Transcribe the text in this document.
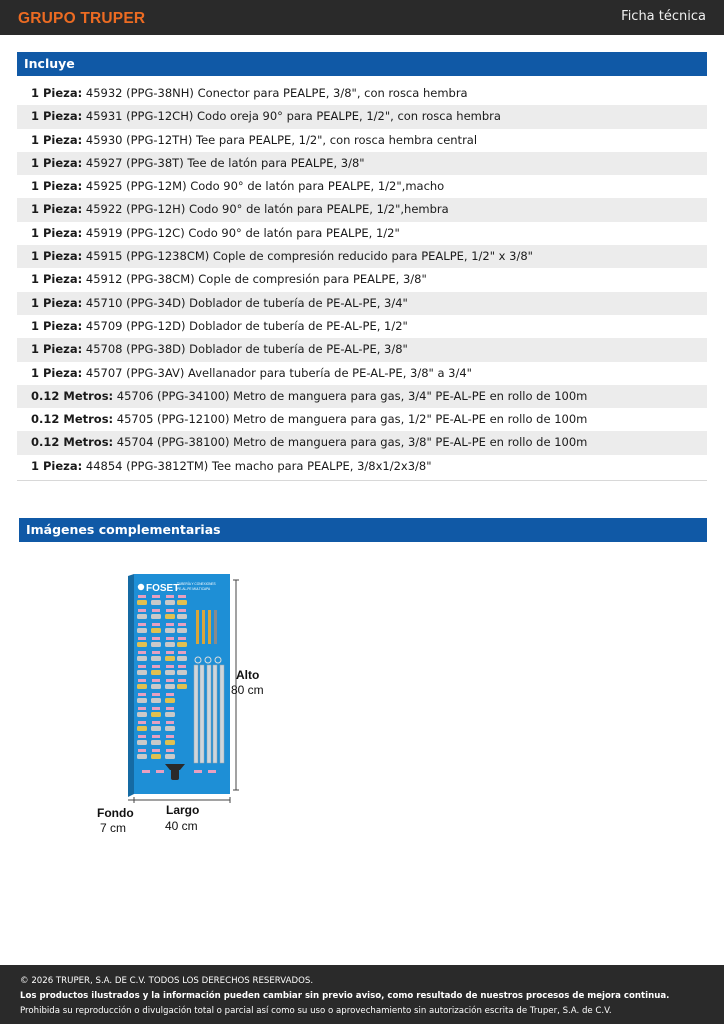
GRUPO TRUPER	Ficha técnica
Incluye
1 Pieza: 45932 (PPG-38NH) Conector para PEALPE, 3/8", con rosca hembra
1 Pieza: 45931 (PPG-12CH) Codo oreja 90° para PEALPE, 1/2", con rosca hembra
1 Pieza: 45930 (PPG-12TH) Tee para PEALPE, 1/2", con rosca hembra central
1 Pieza: 45927 (PPG-38T) Tee de latón para PEALPE, 3/8"
1 Pieza: 45925 (PPG-12M) Codo 90° de latón para PEALPE, 1/2",macho
1 Pieza: 45922 (PPG-12H) Codo 90° de latón para PEALPE, 1/2",hembra
1 Pieza: 45919 (PPG-12C) Codo 90° de latón para PEALPE, 1/2"
1 Pieza: 45915 (PPG-1238CM) Cople de compresión reducido para PEALPE, 1/2" x 3/8"
1 Pieza: 45912 (PPG-38CM) Cople de compresión para PEALPE, 3/8"
1 Pieza: 45710 (PPG-34D) Doblador de tubería de PE-AL-PE, 3/4"
1 Pieza: 45709 (PPG-12D) Doblador de tubería de PE-AL-PE, 1/2"
1 Pieza: 45708 (PPG-38D) Doblador de tubería de PE-AL-PE, 3/8"
1 Pieza: 45707 (PPG-3AV) Avellanador para tubería de PE-AL-PE, 3/8" a 3/4"
0.12 Metros: 45706 (PPG-34100) Metro de manguera para gas, 3/4" PE-AL-PE en rollo de 100m
0.12 Metros: 45705 (PPG-12100) Metro de manguera para gas, 1/2" PE-AL-PE en rollo de 100m
0.12 Metros: 45704 (PPG-38100) Metro de manguera para gas, 3/8" PE-AL-PE en rollo de 100m
1 Pieza: 44854 (PPG-3812TM) Tee macho para PEALPE, 3/8x1/2x3/8"
Imágenes complementarias
FOSET
TUBERÍA Y CONEXIONES
PE-AL-PE MULTICAPA
Alto
80 cm
Largo
40 cm
Fondo
7 cm
© 2026 TRUPER, S.A. DE C.V. TODOS LOS DERECHOS RESERVADOS.
Los productos ilustrados y la información pueden cambiar sin previo aviso, como resultado de nuestros procesos de mejora continua.
Prohibida su reproducción o divulgación total o parcial así como su uso o aprovechamiento sin autorización escrita de Truper, S.A. de C.V.
